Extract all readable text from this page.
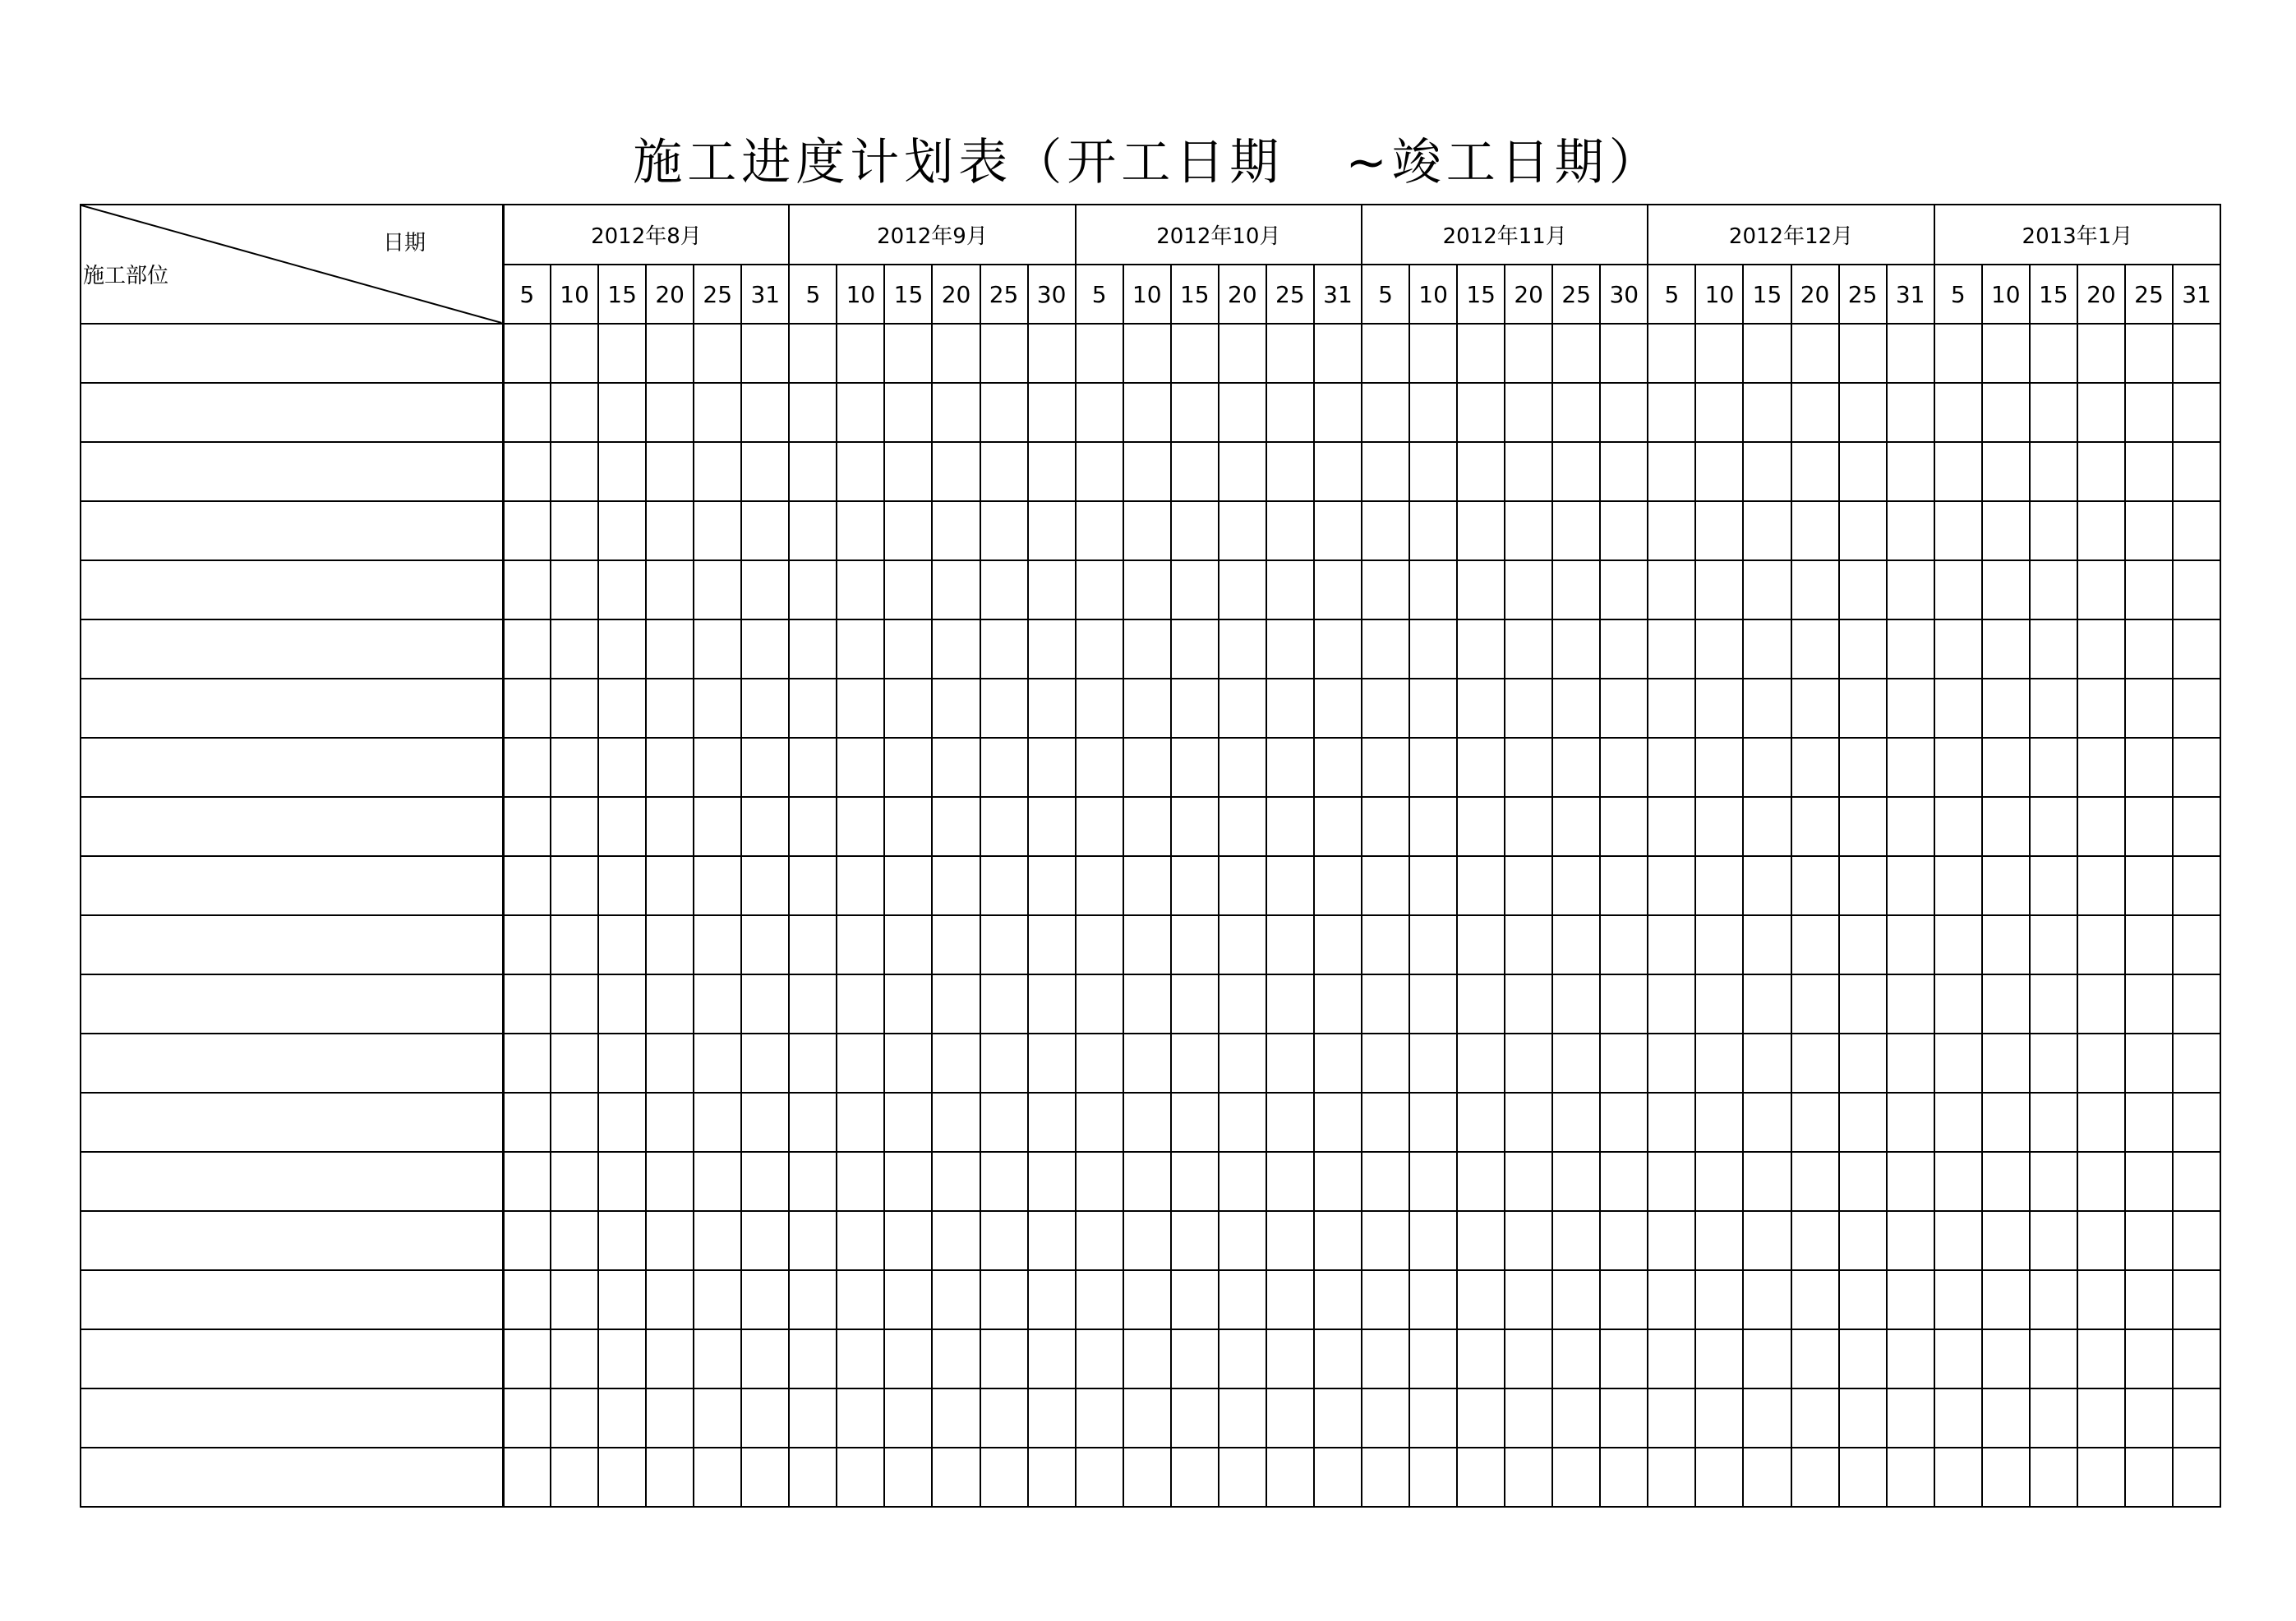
施工进度计划表（开工日期   ~竣工日期）
日期
施工部位	2012年8月						2012年9月						2012年10月						2012年11月						2012年12月						2013年1月					
	5	10	15	20	25	31	5	10	15	20	25	30	5	10	15	20	25	31	5	10	15	20	25	30	5	10	15	20	25	31	5	10	15	20	25	31
